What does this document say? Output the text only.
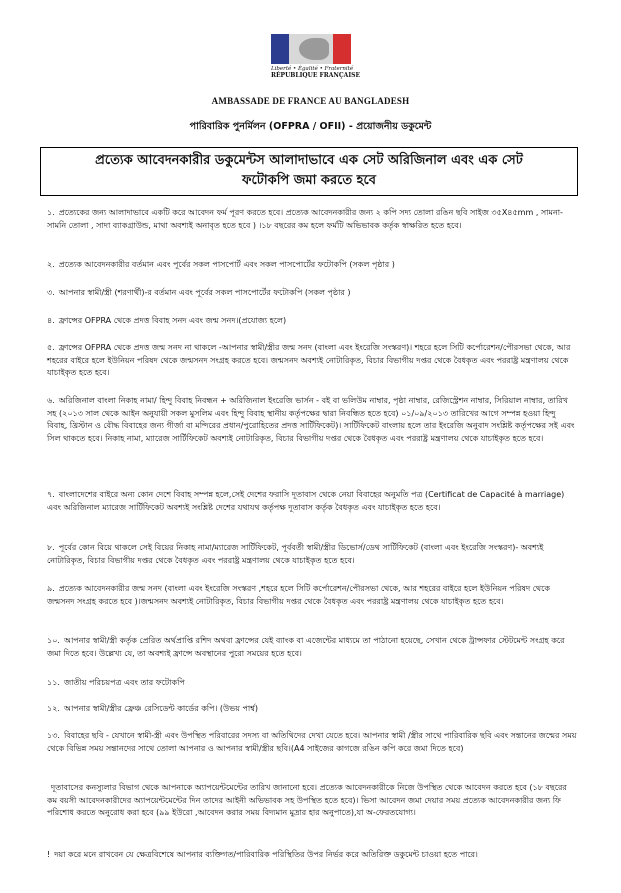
Liberté • Égalité • Fraternité
RÉPUBLIQUE FRANÇAISE
AMBASSADE DE FRANCE AU BANGLADESH
পারিবারিক পুনর্মিলন (OFPRA / OFII) - প্রয়োজনীয় ডকুমেন্ট
প্রত্যেক আবেদনকারীর ডকুমেন্টস আলাদাভাবে এক সেট অরিজিনাল এবং এক সেট
ফটোকপি জমা করতে হবে
১. প্রত্যেকের জন্য আলাদাভাবে একটি করে আবেদন ফর্ম পূরণ করতে হবে। প্রত্যেক আবেদনকারীর জন্য ২ কপি সদ্য তোলা রঙিন ছবি সাইজ ৩৫X৪৫mm , সামনা-সামনি তোলা , সাদা ব্যাকগ্রাউন্ড, মাথা অবশ্যই অনাবৃত হতে হবে ) ।১৮ বছরের কম হলে ফর্মটি অভিভাবক কর্তৃক স্বাক্ষরিত হতে হবে।
২. প্রত্যেক আবেদনকারীর বর্তমান এবং পূর্বের সকল পাসপোর্ট এবং সকল পাসপোর্টের ফটোকপি (সকল পৃষ্ঠার )
৩. আপনার স্বামী/স্ত্রী (শরণার্থী)-র বর্তমান এবং পূর্বের সকল পাসপোর্টের ফটোকপি (সকল পৃষ্ঠার )
৪. ফ্রান্সের OFPRA থেকে প্রদত্ত বিবাহ সনদ এবং জন্ম সনদ।(প্রযোজ্য হলে)
৫. ফ্রান্সের OFPRA থেকে প্রদত্ত জন্ম সনদ না থাকলে -আপনার স্বামী/স্ত্রীর জন্ম সনদ (বাংলা এবং ইংরেজি সংস্করণ)। শহরে হলে সিটি কর্পোরেশন/পৌরসভা থেকে, আর শহরের বাইরে হলে ইউনিয়ন পরিষদ থেকে জন্মসনদ সংগ্রহ করতে হবে। জন্মসনদ অবশ্যই নোটারিকৃত, বিচার বিভাগীয় দপ্তর থেকে বৈধকৃত এবং পররাষ্ট্র মন্ত্রণালয় থেকে যাচাইকৃত হতে হবে।
৬. অরিজিনাল বাংলা নিকাহ নামা/ হিন্দু বিবাহ নিবন্ধন + অরিজিনাল ইংরেজি ভার্সন - বই বা ভলিউম নাম্বার, পৃষ্ঠা নাম্বার, রেজিস্ট্রেশন নাম্বার, সিরিয়াল নাম্বার, তারিখ সহ (২০১৩ সাল থেকে আইন অনুযায়ী সকল মুসলিম এবং হিন্দু বিবাহ স্থানীয় কর্তৃপক্ষের দ্বারা নিবন্ধিত হতে হবে) ০১/০৯/২০১৩ তারিখের আগে সম্পন্ন হওয়া হিন্দু বিবাহ, খ্রিস্টান ও বৌদ্ধ বিবাহের জন্য গীর্জা বা মন্দিরের প্রধান/পুরোহিতের প্রদত্ত সার্টিফিকেট)। সার্টিফিকেট বাংলায় হলে তার ইংরেজি অনুবাদ সংশ্লিষ্ট কর্তৃপক্ষের সই এবং সিল থাকতে হবে। নিকাহ নামা, ম্যারেজ সার্টিফিকেট অবশ্যই নোটারিকৃত, বিচার বিভাগীয় দপ্তর থেকে বৈধকৃত এবং পররাষ্ট্র মন্ত্রণালয় থেকে যাচাইকৃত হতে হবে।
৭. বাংলাদেশের বাইরে অন্য কোন দেশে বিবাহ সম্পন্ন হলে,সেই দেশের ফরাসি দূতাবাস থেকে নেয়া বিবাহের অনুমতি পত্র (Certificat de Capacité à marriage) এবং অরিজিনাল ম্যারেজ সার্টিফিকেট অবশ্যই সংশ্লিষ্ট দেশের যথাযথ কর্তৃপক্ষ দূতাবাস কর্তৃক বৈধকৃত এবং যাচাইকৃত হতে হবে।
৮. পূর্বের কোন বিয়ে থাকলে সেই বিয়ের নিকাহ নামা/ম্যারেজ সার্টিফিকেট, পূর্ববর্তী স্বামী/স্ত্রীর ডিভোর্স/ডেথ সার্টিফিকেট (বাংলা এবং ইংরেজি সংস্করণ)- অবশ্যই নোটারিকৃত, বিচার বিভাগীয় দপ্তর থেকে বৈধকৃত এবং পররাষ্ট্র মন্ত্রণালয় থেকে যাচাইকৃত হতে হবে।
৯. প্রত্যেক আবেদনকারীর জন্ম সনদ (বাংলা এবং ইংরেজি সংস্করণ ,শহরে হলে সিটি কর্পোরেশন/পৌরসভা থেকে, আর শহরের বাইরে হলে ইউনিয়ন পরিষদ থেকে জন্মসনদ সংগ্রহ করতে হবে )।জন্মসনদ অবশ্যই নোটারিকৃত, বিচার বিভাগীয় দপ্তর থেকে বৈধকৃত এবং পররাষ্ট্র মন্ত্রণালয় থেকে যাচাইকৃত হতে হবে।
১০. আপনার স্বামী/স্ত্রী কর্তৃক প্রেরিত অর্থপ্রাপ্তি রশিদ অথবা ফ্রান্সের যেই ব্যাংক বা এজেন্টের মাধ্যমে তা পাঠানো হয়েছে, সেখান থেকে ট্রান্সফার স্টেটমেন্ট সংগ্রহ করে জমা দিতে হবে। উল্লেখ্য যে, তা অবশ্যই ফ্রান্সে অবস্থানের পুরো সময়ের হতে হবে।
১১. জাতীয় পরিচয়পত্র এবং তার ফটোকপি
১২. আপনার স্বামী/স্ত্রীর ফ্রেঞ্চ রেসিডেন্ট কার্ডের কপি। (উভয় পার্শ্ব)
১৩. বিবাহের ছবি - যেখানে স্বামী-স্ত্রী এবং উপস্থিত পরিবারের সদস্য বা অতিথিদের দেখা যেতে হবে। আপনার স্বামী /স্ত্রীর সাথে পারিবারিক ছবি এবং সন্তানের জন্মের সময় থেকে বিভিন্ন সময় সন্তানদের সাথে তোলা আপনার ও আপনার স্বামী/স্ত্রীর ছবি।(A4 সাইজের কাগজে রঙিন কপি করে জমা দিতে হবে)
দূতাবাসের কনস্যুলার বিভাগ থেকে আপনাকে অ্যাপয়েন্টমেন্টের তারিখ জানানো হবে। প্রত্যেক আবেদনকারীকে নিজে উপস্থিত থেকে আবেদন করতে হবে (১৮ বছরের কম বয়সী আবেদনকারীদের অ্যাপয়েন্টমেন্টের দিন তাদের আইনী অভিভাবক সহ উপস্থিত হতে হবে)। ভিসা আবেদন জমা দেয়ার সময় প্রত্যেক আবেদনকারীর জন্য ফি পরিশোধ করতে অনুরোধ করা হবে (৯৯ ইউরো ,আবেদন করার সময় বিদ্যমান মুদ্রার হার অনুপাতে),যা অ-ফেরতযোগ্য।
! দয়া করে মনে রাখবেন যে ক্ষেত্রবিশেষে আপনার ব্যক্তিগত/পারিবারিক পরিস্থিতির উপর নির্ভর করে অতিরিক্ত ডকুমেন্ট চাওয়া হতে পারে।
